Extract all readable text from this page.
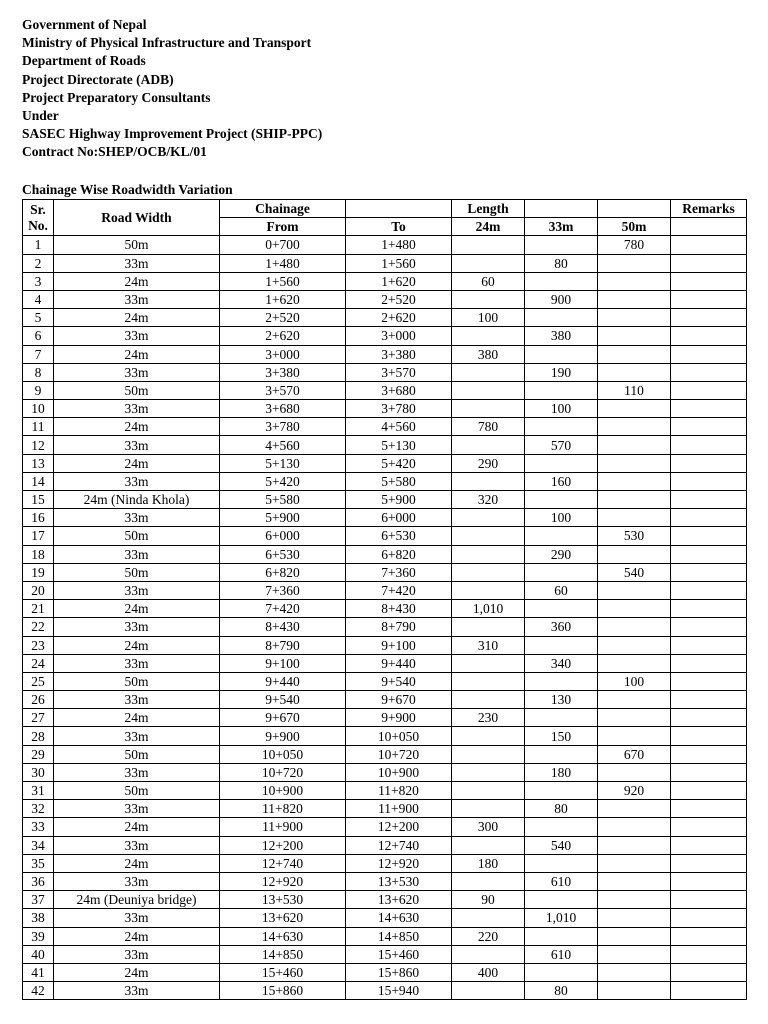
Government of Nepal
Ministry of Physical Infrastructure and Transport
Department of Roads
Project Directorate (ADB)
Project Preparatory Consultants
Under
SASEC Highway Improvement Project (SHIP-PPC)
Contract No:SHEP/OCB/KL/01
Chainage Wise Roadwidth Variation
Sr. No.	Road Width	Chainage		Length			Remarks
		From	To	24m	33m	50m	
1	50m	0+700	1+480			780	
2	33m	1+480	1+560		80		
3	24m	1+560	1+620	60			
4	33m	1+620	2+520		900		
5	24m	2+520	2+620	100			
6	33m	2+620	3+000		380		
7	24m	3+000	3+380	380			
8	33m	3+380	3+570		190		
9	50m	3+570	3+680			110	
10	33m	3+680	3+780		100		
11	24m	3+780	4+560	780			
12	33m	4+560	5+130		570		
13	24m	5+130	5+420	290			
14	33m	5+420	5+580		160		
15	24m (Ninda Khola)	5+580	5+900	320			
16	33m	5+900	6+000		100		
17	50m	6+000	6+530			530	
18	33m	6+530	6+820		290		
19	50m	6+820	7+360			540	
20	33m	7+360	7+420		60		
21	24m	7+420	8+430	1,010			
22	33m	8+430	8+790		360		
23	24m	8+790	9+100	310			
24	33m	9+100	9+440		340		
25	50m	9+440	9+540			100	
26	33m	9+540	9+670		130		
27	24m	9+670	9+900	230			
28	33m	9+900	10+050		150		
29	50m	10+050	10+720			670	
30	33m	10+720	10+900		180		
31	50m	10+900	11+820			920	
32	33m	11+820	11+900		80		
33	24m	11+900	12+200	300			
34	33m	12+200	12+740		540		
35	24m	12+740	12+920	180			
36	33m	12+920	13+530		610		
37	24m (Deuniya bridge)	13+530	13+620	90			
38	33m	13+620	14+630		1,010		
39	24m	14+630	14+850	220			
40	33m	14+850	15+460		610		
41	24m	15+460	15+860	400			
42	33m	15+860	15+940		80		
